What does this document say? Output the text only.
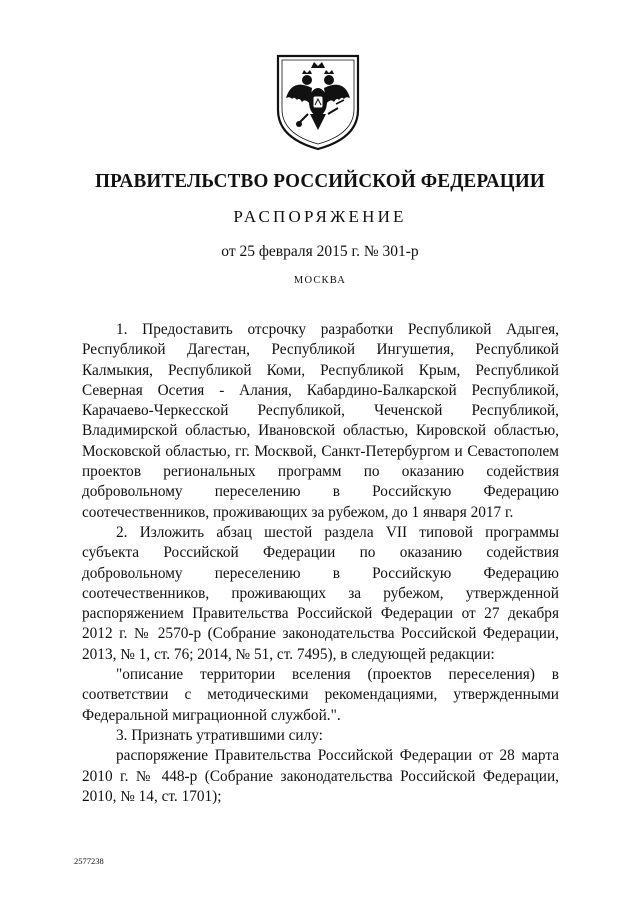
ПРАВИТЕЛЬСТВО РОССИЙСКОЙ ФЕДЕРАЦИИ
РАСПОРЯЖЕНИЕ
от 25 февраля 2015 г. № 301-р
МОСКВА

1. Предоставить отсрочку разработки Республикой Адыгея, Республикой Дагестан, Республикой Ингушетия, Республикой Калмыкия, Республикой Коми, Республикой Крым, Республикой Северная Осетия - Алания, Кабардино-Балкарской Республикой, Карачаево-Черкесской Республикой, Чеченской Республикой, Владимирской областью, Ивановской областью, Кировской областью, Московской областью, гг. Москвой, Санкт-Петербургом и Севастополем проектов региональных программ по оказанию содействия добровольному переселению в Российскую Федерацию соотечественников, проживающих за рубежом, до 1 января 2017 г.

2. Изложить абзац шестой раздела VII типовой программы субъекта Российской Федерации по оказанию содействия добровольному переселению в Российскую Федерацию соотечественников, проживающих за рубежом, утвержденной распоряжением Правительства Российской Федерации от 27 декабря 2012 г. № 2570-р (Собрание законодательства Российской Федерации, 2013, № 1, ст. 76; 2014, № 51, ст. 7495), в следующей редакции:

"описание территории вселения (проектов переселения) в соответствии с методическими рекомендациями, утвержденными Федеральной миграционной службой.".

3. Признать утратившими силу:

распоряжение Правительства Российской Федерации от 28 марта 2010 г. № 448-р (Собрание законодательства Российской Федерации, 2010, № 14, ст. 1701);

2577238
